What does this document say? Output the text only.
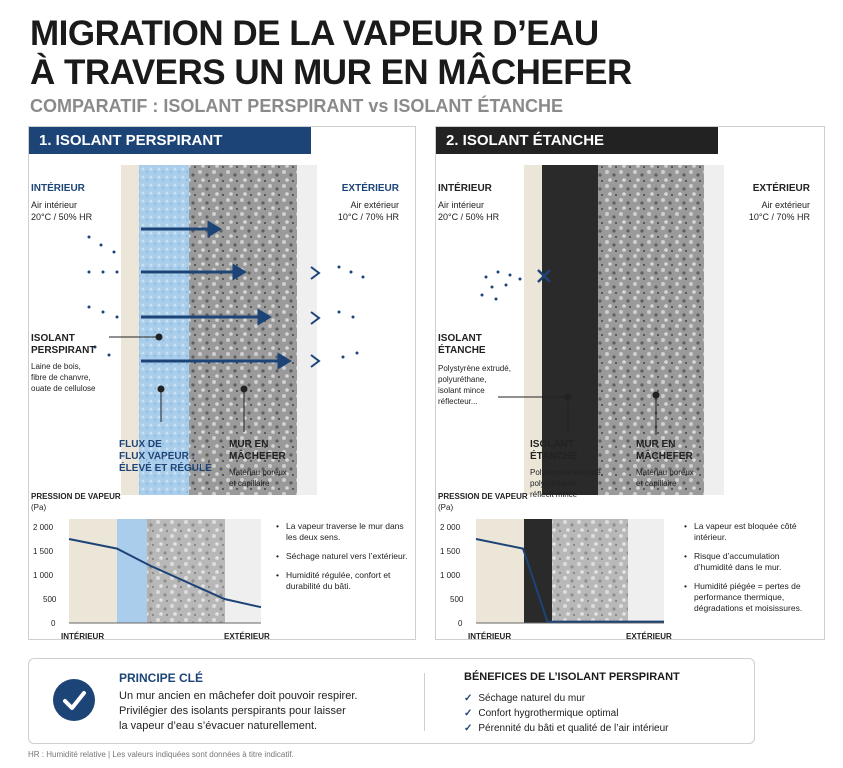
MIGRATION DE LA VAPEUR D’EAU
À TRAVERS UN MUR EN MÂCHEFER
COMPARATIF : ISOLANT PERSPIRANT vs ISOLANT ÉTANCHE
1. ISOLANT PERSPIRANT
INTÉRIEUR
Air intérieur
20°C / 50% HR
EXTÉRIEUR
Air extérieur
10°C / 70% HR
ISOLANT
PERSPIRANT
Laine de bois,
fibre de chanvre,
ouate de cellulose
FLUX DE
FLUX VAPEUR :
ÉLEVÉ ET RÉGULÉ
MUR EN
MÂCHEFER
Matériau poreux
et capillaire
PRESSION DE VAPEUR
(Pa)
2 000
1 500
1 000
500
0
INTÉRIEUR	EXTÉRIEUR
• La vapeur traverse le mur dans les deux sens.
• Séchage naturel vers l’extérieur.
• Humidité régulée, confort et durabilité du bâti.
2. ISOLANT ÉTANCHE
INTÉRIEUR
Air intérieur
20°C / 50% HR
EXTÉRIEUR
Air extérieur
10°C / 70% HR
ISOLANT
ÉTANCHE
Polystyrène extrudé,
polyuréthane,
isolant mince
réflecteur...
ISOLANT
ÉTANCHE
Polystyrène extrudé,
polyuréthane,
réflecit mince
MUR EN
MÂCHEFER
Matériau poreux
et capillaire
PRESSION DE VAPEUR
(Pa)
2 000
1 500
1 000
500
0
INTÉRIEUR	EXTÉRIEUR
• La vapeur est bloquée côté intérieur.
• Risque d’accumulation d’humidité dans le mur.
• Humidité piégée = pertes de performance thermique, dégradations et moisissures.
PRINCIPE CLÉ
Un mur ancien en mâchefer doit pouvoir respirer.
Privilégier des isolants perspirants pour laisser
la vapeur d’eau s’évacuer naturellement.
BÉNEFICES DE L’ISOLANT PERSPIRANT
✓ Séchage naturel du mur
✓ Confort hygrothermique optimal
✓ Pérennité du bâti et qualité de l’air intérieur
HR : Humidité relative | Les valeurs indiquées sont données à titre indicatif.
